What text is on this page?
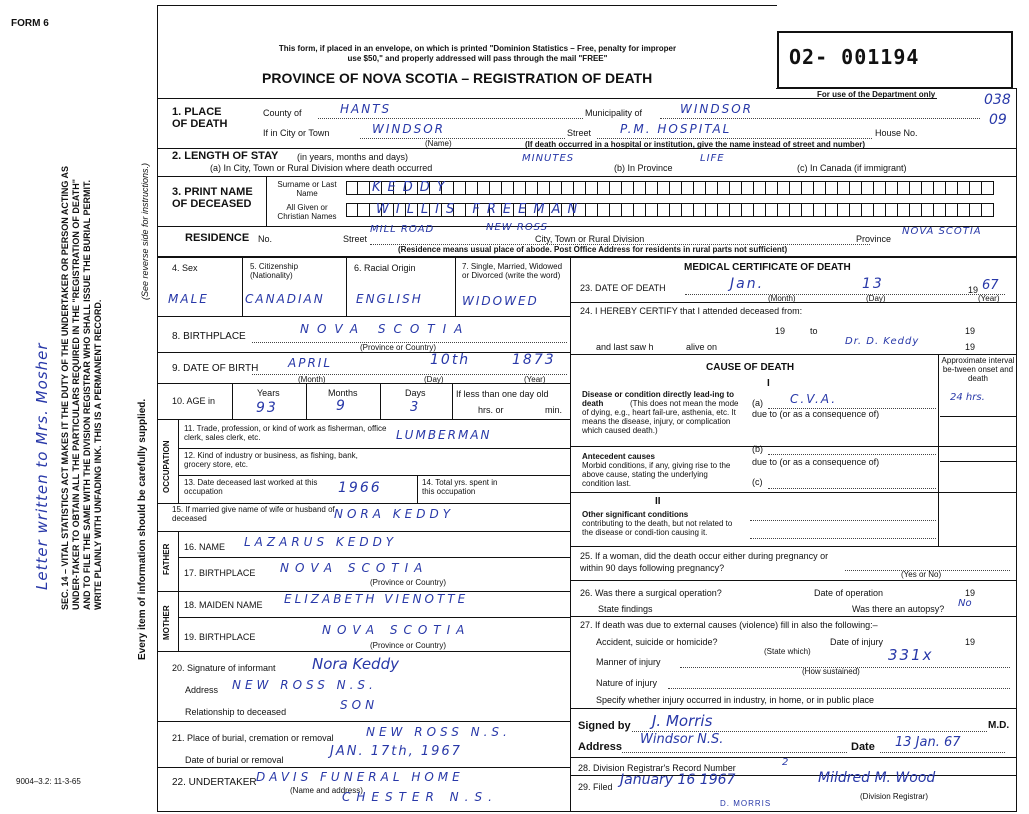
FORM 6
SEC. 14 – VITAL STATISTICS ACT MAKES IT THE DUTY OF THE UNDERTAKER OR PERSON ACTING AS UNDER-TAKER TO OBTAIN ALL THE PARTICULARS REQUIRED IN THE "REGISTRATION OF DEATH" AND TO FILE THE SAME WITH THE DIVISION REGISTRAR WHO SHALL ISSUE THE BURIAL PERMIT. WRITE PLAINLY WITH UNFADING INK. THIS IS A PERMANENT RECORD.	Every item of information should be carefully supplied.
(See reverse side for instructions.)
Letter written to Mrs. Mosher
9004–3.2: 11-3-65
This form, if placed in an envelope, on which is printed "Dominion Statistics – Free, penalty for improper
use $50," and properly addressed will pass through the mail "FREE"
PROVINCE OF NOVA SCOTIA – REGISTRATION OF DEATH
O2- 001194
For use of the Department only	038
09
1. PLACE OF DEATH
County of	HANTS	Municipality of	WINDSOR
If in City or Town	WINDSOR
(Name)
Street P.M. HOSPITAL	House No.
(If death occurred in a hospital or institution, give the name instead of street and number)
2. LENGTH OF STAY (in years, months and days)
(a) In City, Town or Rural Division where death occurred
MINUTES
(b) In Province
LIFE
(c) In Canada (if immigrant)
3. PRINT NAME OF DECEASED
Surname or Last Name
All Given or Christian Names
KEDDY
WILLIS FREEMAN
RESIDENCE No.	Street
MILL ROAD	NEW ROSS
City, Town or Rural Division	Province
NOVA SCOTIA
(Residence means usual place of abode. Post Office Address for residents in rural parts not sufficient)
4. Sex	5. Citizenship (Nationality)
6. Racial Origin	7. Single, Married, Widowed or Divorced (write the word)
MALE	CANADIAN	ENGLISH	WIDOWED
8. BIRTHPLACE
NOVA SCOTIA
(Province or Country)
9. DATE OF BIRTH APRIL	10th	1873
(Month)	(Day)	(Year)
10. AGE in
Years	Months	Days
93	9	3
If less than one day old
hrs. or	min.
OCCUPATION
11. Trade, profession, or kind of work as fisherman, office clerk, sales clerk, etc.	LUMBERMAN
12. Kind of industry or business, as fishing, bank, grocery store, etc.
13. Date deceased last worked at this occupation	1966	14. Total yrs. spent in this occupation
15. If married give name of wife or husband of deceased	NORA KEDDY
FATHER 16. NAME LAZARUS KEDDY
17. BIRTHPLACE NOVA SCOTIA
(Province or Country)
MOTHER
18. MAIDEN NAME ELIZABETH VIENOTTE
19. BIRTHPLACE	NOVA SCOTIA
(Province or Country)
20. Signature of informant Nora Keddy
Address NEW ROSS N.S.
Relationship to deceased	SON
21. Place of burial, cremation or removal	NEW ROSS N.S.
Date of burial or removal
JAN. 17th, 1967
22. UNDERTAKER DAVIS FUNERAL HOME
(Name and address)
CHESTER N.S.
MEDICAL CERTIFICATE OF DEATH
23. DATE OF DEATH	Jan.	13	19 67
(Month)	(Day)	(Year)
24. I HEREBY CERTIFY that I attended deceased from:
19	to	19
and last saw h	alive on	Dr. D. Keddy	19
CAUSE OF DEATH
Approximate interval be-tween onset and death
I
Disease or condition directly lead-ing to death	(This does not mean the mode of dying, e.g., heart fail-ure, asthenia, etc. It means the disease, injury, or complication which caused death.)
(a) C.V.A.	24 hrs.
due to (or as a consequence of)
(b)
Antecedent causes
Morbid conditions, if any, giving rise to the above cause, stating the underlying condition last.
due to (or as a consequence of)
(c)
II
Other significant conditions
contributing to the death, but not related to the disease or condi-tion causing it.
25. If a woman, did the death occur either during pregnancy or within 90 days following pregnancy?
(Yes or No)
26. Was there a surgical operation?	Date of operation	19
State findings	Was there an autopsy? No
27. If death was due to external causes (violence) fill in also the following:–
Accident, suicide or homicide?	Date of injury	19
(State which)
Manner of injury	331x
(How sustained)
Nature of injury
Specify whether injury occurred in industry, in home, or in public place
Signed by J. Morris	M.D.
Address Windsor N.S.	Date 13 Jan. 67
28. Division Registrar's Record Number	2
29. Filed January 16 1967	Mildred M. Wood
(Division Registrar)
D. MORRIS
